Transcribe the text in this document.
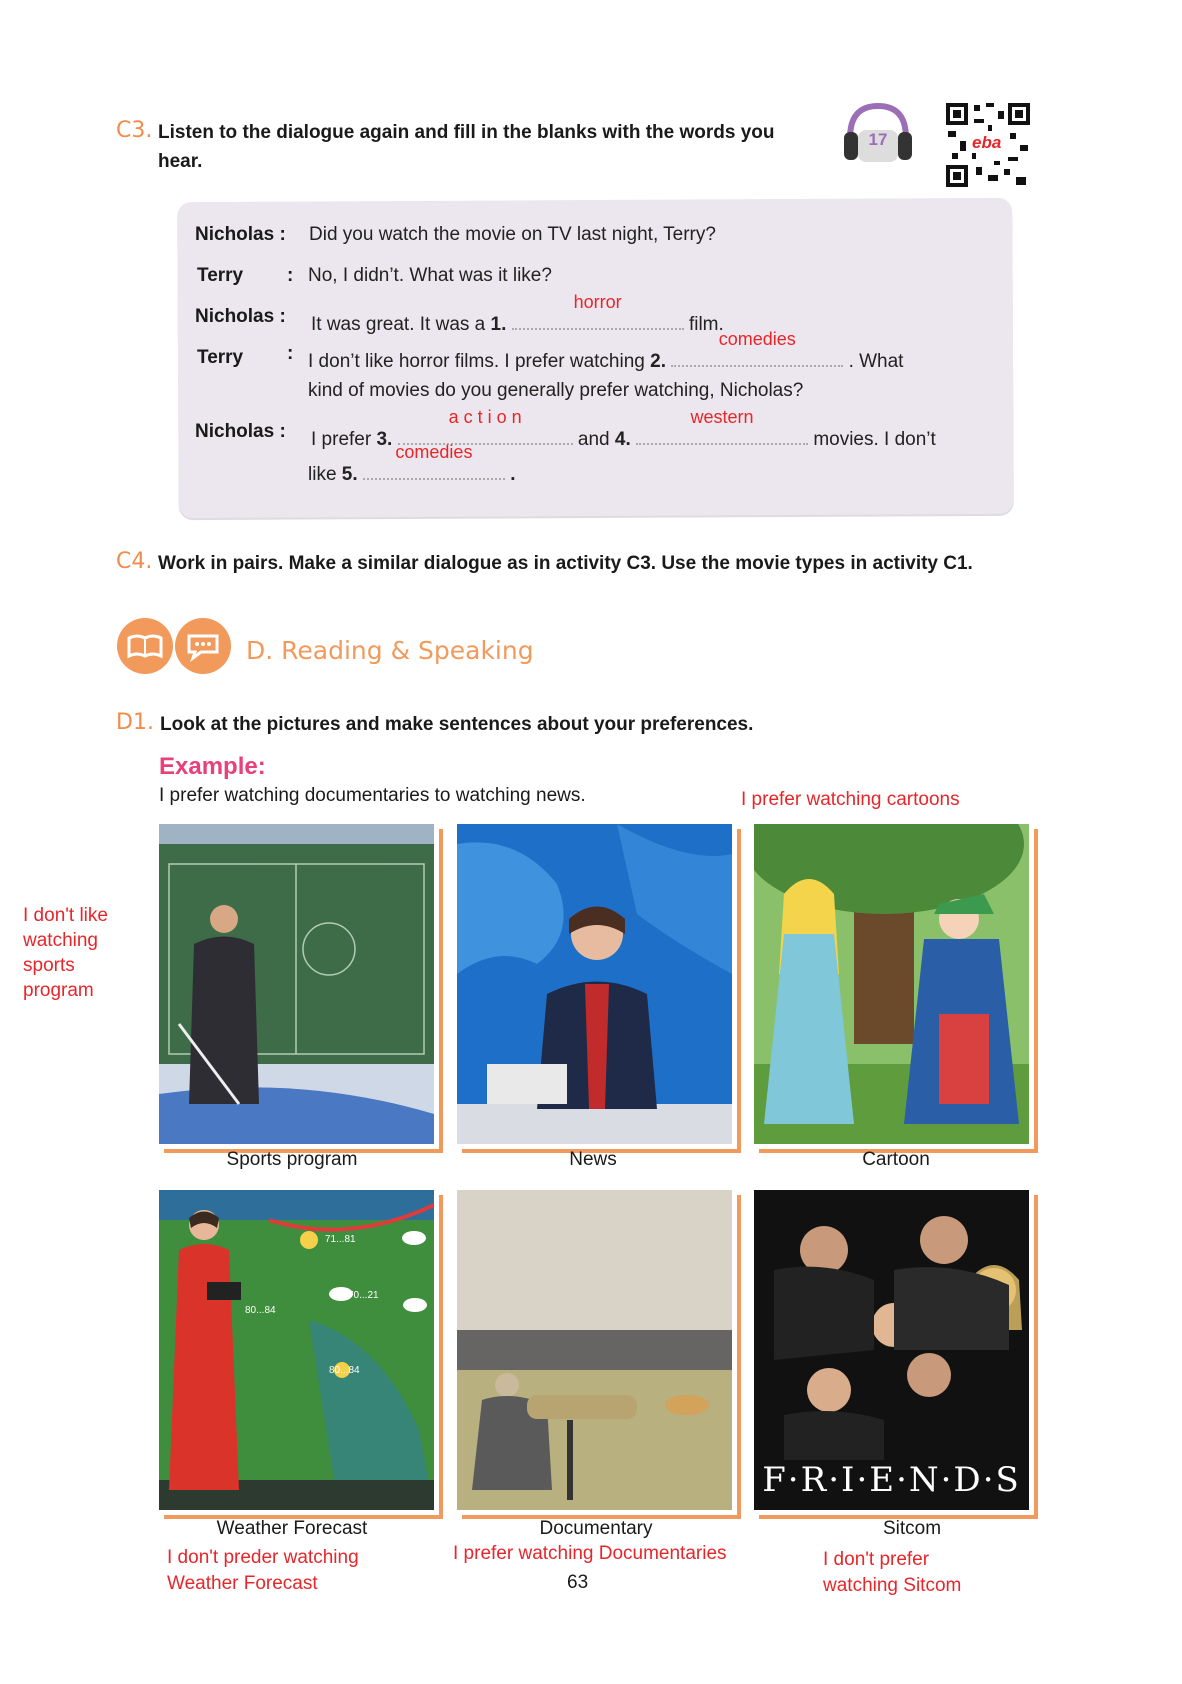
C3. Listen to the dialogue again and fill in the blanks with the words you
hear.
17	eba
Nicholas : Did you watch the movie on TV last night, Terry?
Terry : No, I didn’t. What was it like?
Nicholas : It was great. It was a 1.
horror
film.
Terry : I don’t like horror films. I prefer watching 2.
comedies
. What
kind of movies do you generally prefer watching, Nicholas?
Nicholas : I prefer 3.
a c t i o n
and 4.
western
movies. I don’t
like 5.
comedies
.
C4. Work in pairs. Make a similar dialogue as in activity C3. Use the movie types in activity C1.
D. Reading & Speaking
D1. Look at the pictures and make sentences about your preferences.
Example:
I prefer watching documentaries to watching news.	I prefer watching cartoons
I don't like
watching
sports
program
Sports program	News	Cartoon
71...81
70...21
80...84
80...84
F·R·I·E·N·D·S
Weather Forecast	Documentary	Sitcom
I don't preder watching
Weather Forecast
I prefer watching Documentaries	I don't prefer
watching Sitcom
63
